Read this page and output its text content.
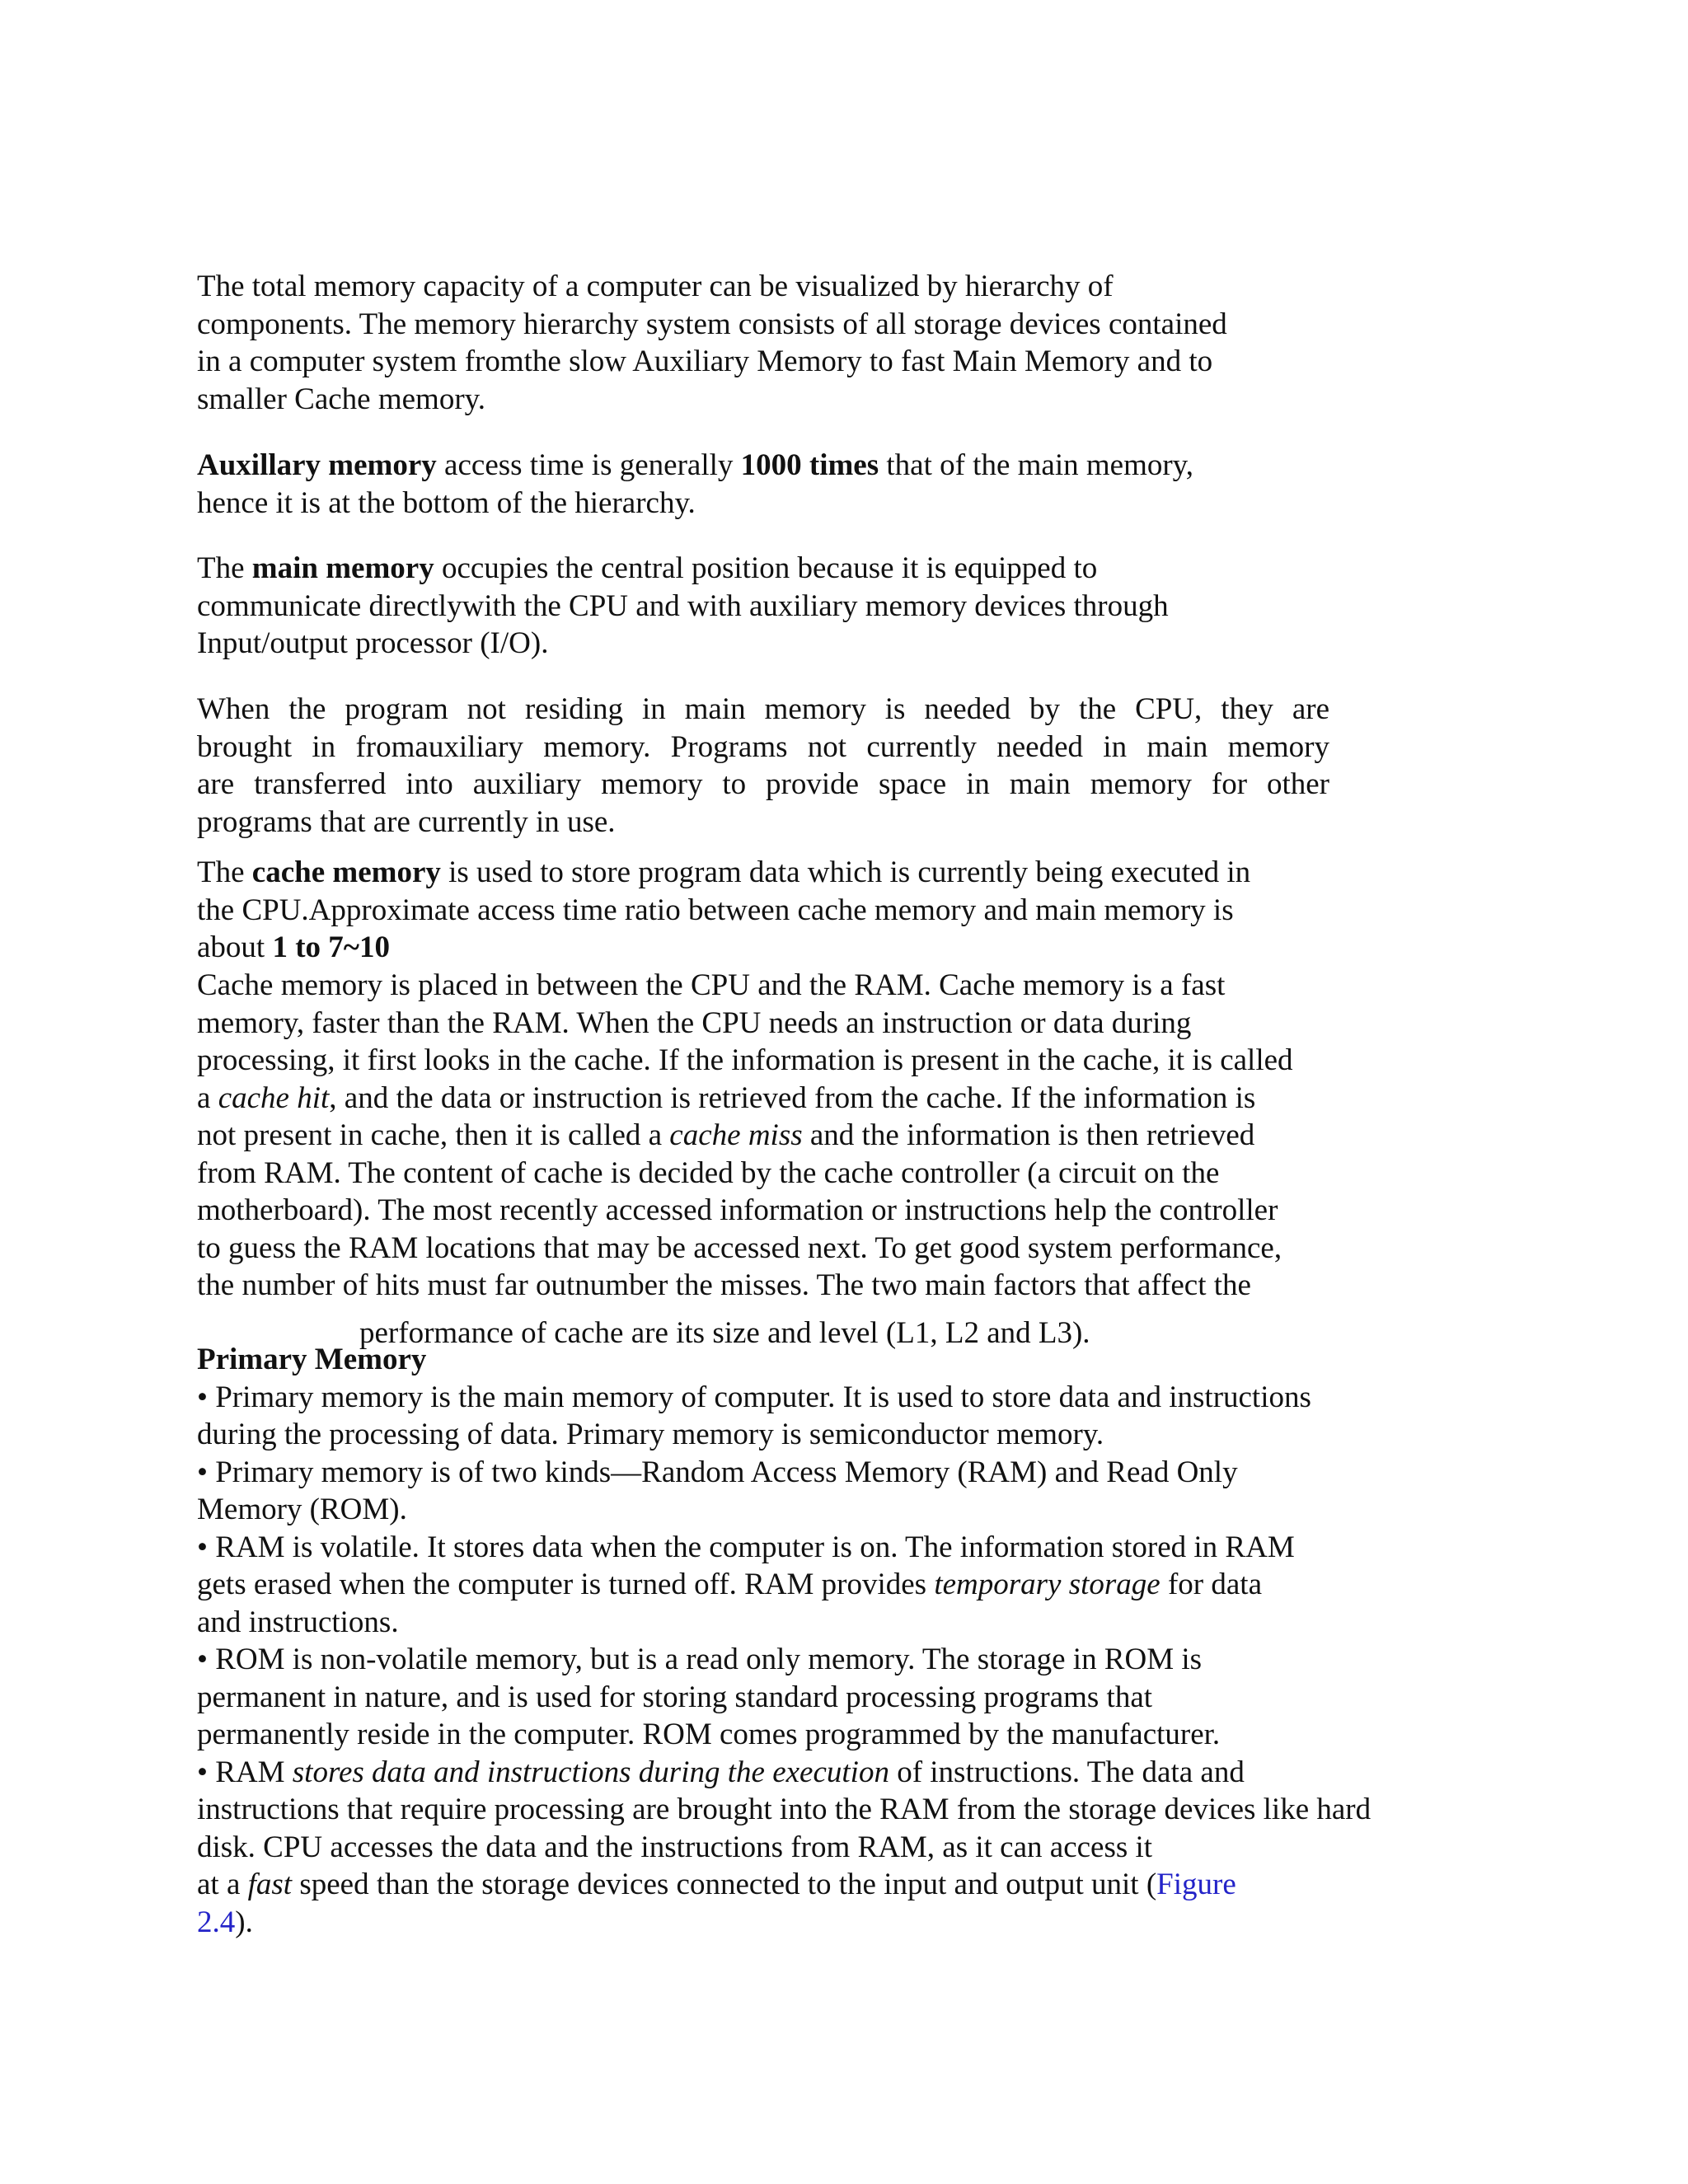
The total memory capacity of a computer can be visualized by hierarchy of
components. The memory hierarchy system consists of all storage devices contained
in a computer system fromthe slow Auxiliary Memory to fast Main Memory and to
smaller Cache memory.
Auxillary memory access time is generally 1000 times that of the main memory,
hence it is at the bottom of the hierarchy.
The main memory occupies the central position because it is equipped to
communicate directlywith the CPU and with auxiliary memory devices through
Input/output processor (I/O).
When the program not residing in main memory is needed by the CPU, they are
brought in fromauxiliary memory. Programs not currently needed in main memory
are transferred into auxiliary memory to provide space in main memory for other
programs that are currently in use.
The cache memory is used to store program data which is currently being executed in
the CPU.Approximate access time ratio between cache memory and main memory is
about 1 to 7~10
Cache memory is placed in between the CPU and the RAM. Cache memory is a fast
memory, faster than the RAM. When the CPU needs an instruction or data during
processing, it first looks in the cache. If the information is present in the cache, it is called
a cache hit, and the data or instruction is retrieved from the cache. If the information is
not present in cache, then it is called a cache miss and the information is then retrieved
from RAM. The content of cache is decided by the cache controller (a circuit on the
motherboard). The most recently accessed information or instructions help the controller
to guess the RAM locations that may be accessed next. To get good system performance,
the number of hits must far outnumber the misses. The two main factors that affect the
performance of cache are its size and level (L1, L2 and L3).
Primary Memory
• Primary memory is the main memory of computer. It is used to store data and instructions
during the processing of data. Primary memory is semiconductor memory.
• Primary memory is of two kinds—Random Access Memory (RAM) and Read Only
Memory (ROM).
• RAM is volatile. It stores data when the computer is on. The information stored in RAM
gets erased when the computer is turned off. RAM provides temporary storage for data
and instructions.
• ROM is non-volatile memory, but is a read only memory. The storage in ROM is
permanent in nature, and is used for storing standard processing programs that
permanently reside in the computer. ROM comes programmed by the manufacturer.
• RAM stores data and instructions during the execution of instructions. The data and
instructions that require processing are brought into the RAM from the storage devices like hard
disk. CPU accesses the data and the instructions from RAM, as it can access it
at a fast speed than the storage devices connected to the input and output unit (Figure
2.4).
